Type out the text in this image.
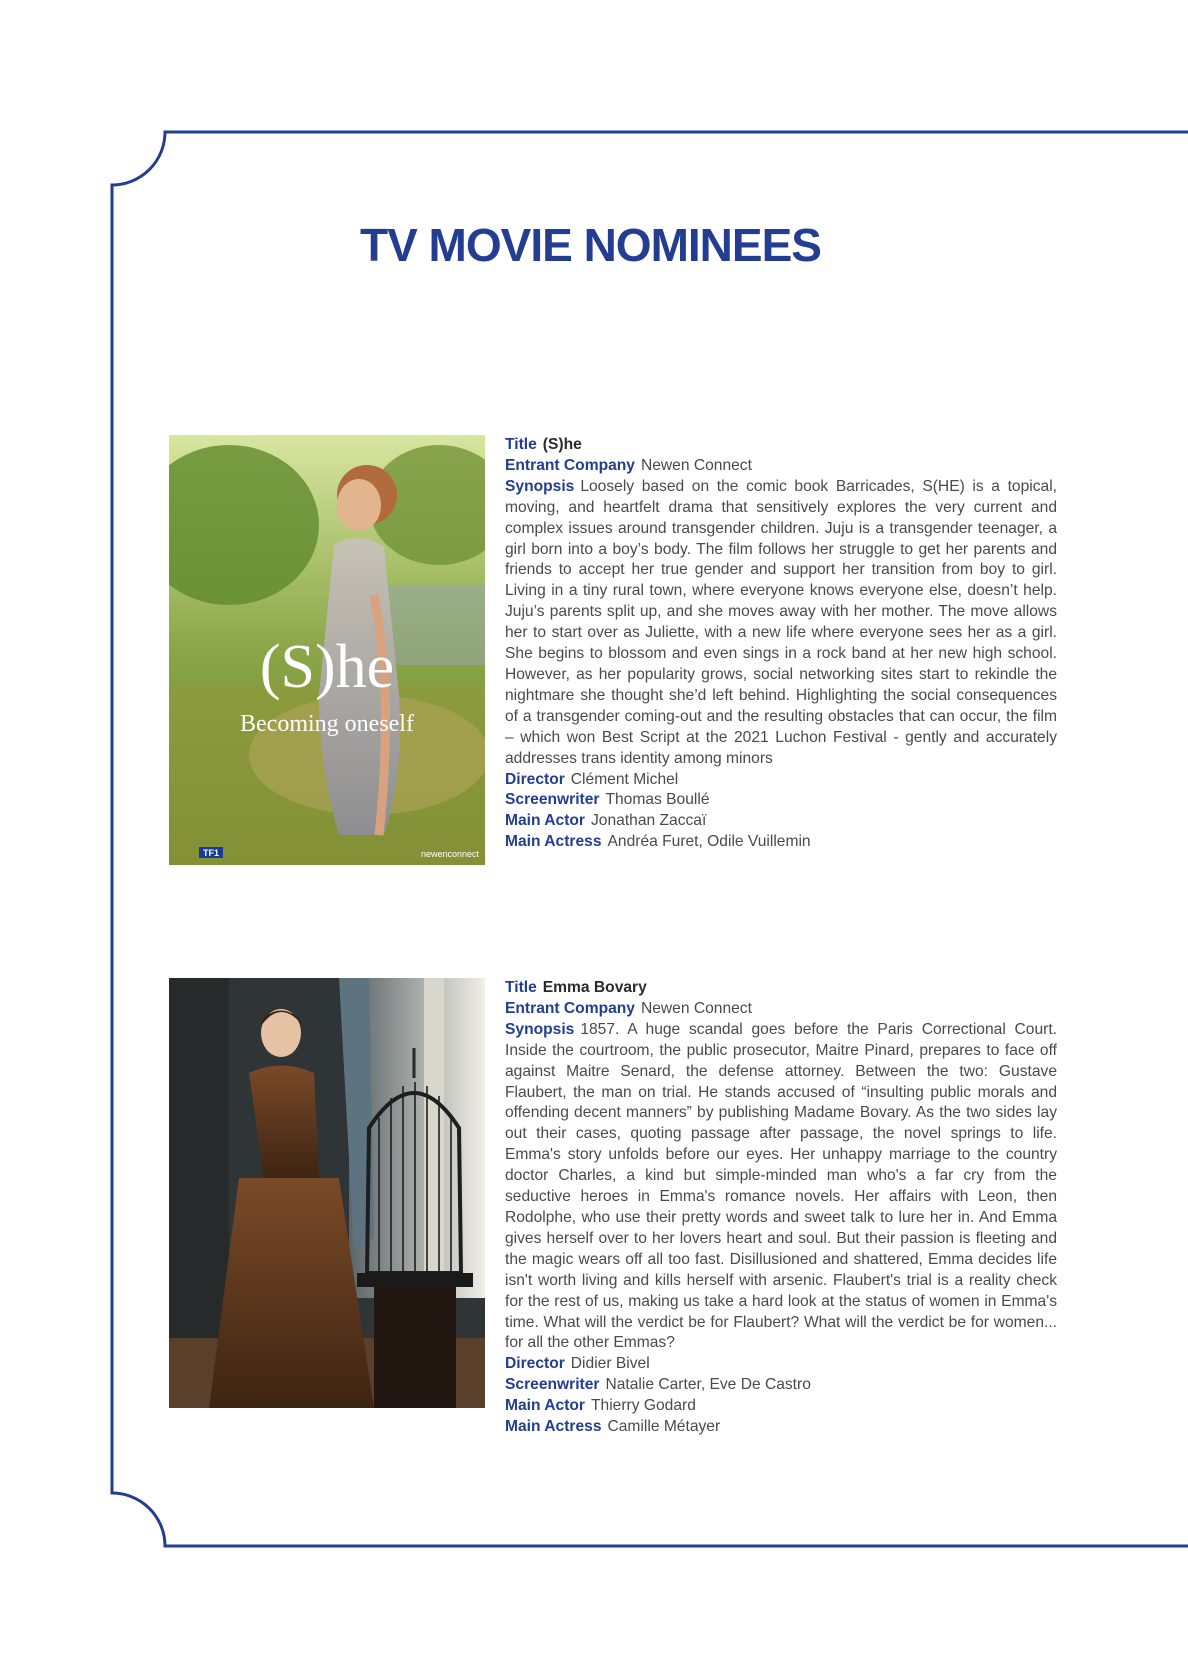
TV MOVIE NOMINEES
(S)he
Becoming oneself
TF1	newenconnect

Title (S)he

Entrant Company Newen Connect

Synopsis Loosely based on the comic book Barricades, S(HE) is a topical, moving, and heartfelt drama that sensitively explores the very current and complex issues around transgender children. Juju is a transgender teenager, a girl born into a boy’s body. The film follows her struggle to get her parents and friends to accept her true gender and support her transition from boy to girl. Living in a tiny rural town, where everyone knows everyone else, doesn’t help. Juju’s parents split up, and she moves away with her mother. The move allows her to start over as Juliette, with a new life where everyone sees her as a girl. She begins to blossom and even sings in a rock band at her new high school. However, as her popularity grows, social networking sites start to rekindle the nightmare she thought she’d left behind. Highlighting the social consequences of a transgender coming-out and the resulting obstacles that can occur, the film – which won Best Script at the 2021 Luchon Festival - gently and accurately addresses trans identity among minors

Director Clément Michel

Screenwriter Thomas Boullé

Main Actor Jonathan Zaccaï

Main Actress Andréa Furet, Odile Vuillemin

Title Emma Bovary

Entrant Company Newen Connect

Synopsis 1857. A huge scandal goes before the Paris Correctional Court. Inside the courtroom, the public prosecutor, Maitre Pinard, prepares to face off against Maitre Senard, the defense attorney. Between the two: Gustave Flaubert, the man on trial. He stands accused of “insulting public morals and offending decent manners” by publishing Madame Bovary. As the two sides lay out their cases, quoting passage after passage, the novel springs to life. Emma's story unfolds before our eyes. Her unhappy marriage to the country doctor Charles, a kind but simple-minded man who's a far cry from the seductive heroes in Emma's romance novels. Her affairs with Leon, then Rodolphe, who use their pretty words and sweet talk to lure her in. And Emma gives herself over to her lovers heart and soul. But their passion is fleeting and the magic wears off all too fast. Disillusioned and shattered, Emma decides life isn't worth living and kills herself with arsenic. Flaubert's trial is a reality check for the rest of us, making us take a hard look at the status of women in Emma's time. What will the verdict be for Flaubert? What will the verdict be for women... for all the other Emmas?

Director Didier Bivel

Screenwriter Natalie Carter, Eve De Castro

Main Actor Thierry Godard

Main Actress Camille Métayer
